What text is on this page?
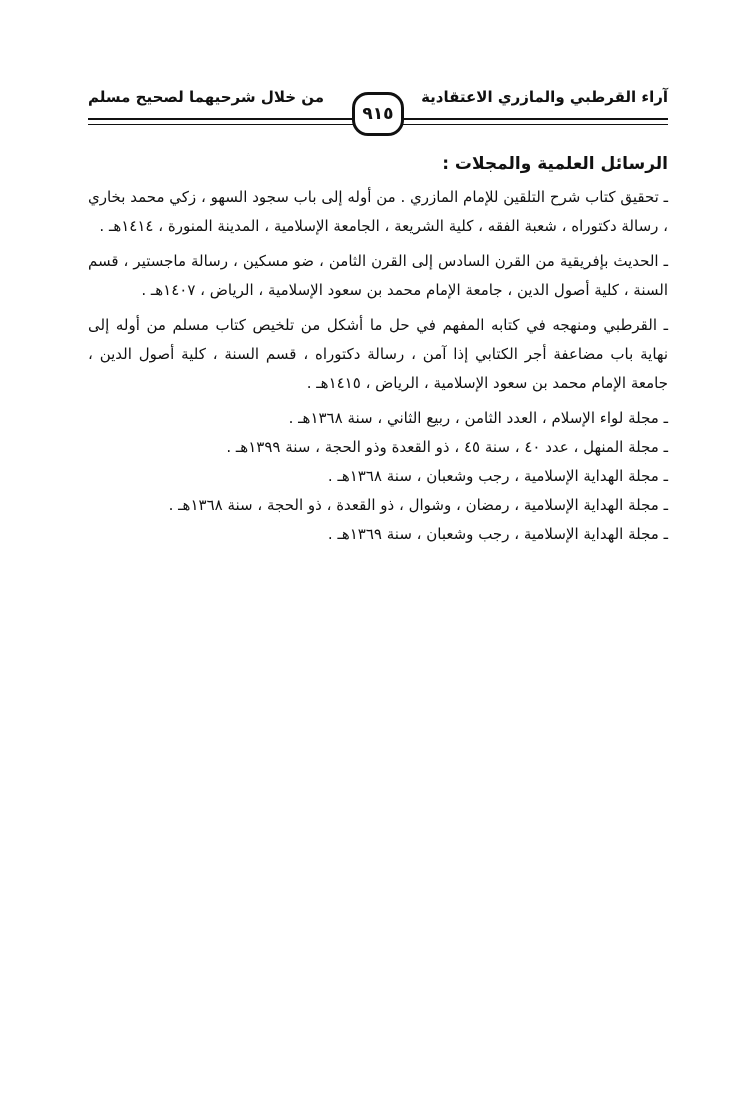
آراء القرطبي والمازري الاعتقادية
من خلال شرحيهما لصحيح مسلم
٩١٥
الرسائل العلمية والمجلات :
ـ تحقيق كتاب شرح التلقين للإمام المازري . من أوله إلى باب سجود السهو ، زكي محمد بخاري ، رسالة دكتوراه ، شعبة الفقه ، كلية الشريعة ، الجامعة الإسلامية ، المدينة المنورة ، ١٤١٤هـ .
ـ الحديث بإفريقية من القرن السادس إلى القرن الثامن ، ضو مسكين ، رسالة ماجستير ، قسم السنة ، كلية أصول الدين ، جامعة الإمام محمد بن سعود الإسلامية ، الرياض ، ١٤٠٧هـ .
ـ القرطبي ومنهجه في كتابه المفهم في حل ما أشكل من تلخيص كتاب مسلم من أوله إلى نهاية باب مضاعفة أجر الكتابي إذا آمن ، رسالة دكتوراه ، قسم السنة ، كلية أصول الدين ، جامعة الإمام محمد بن سعود الإسلامية ، الرياض ، ١٤١٥هـ .
ـ مجلة لواء الإسلام ، العدد الثامن ، ربيع الثاني ، سنة ١٣٦٨هـ .
ـ مجلة المنهل ، عدد ٤٠ ، سنة ٤٥ ، ذو القعدة وذو الحجة ، سنة ١٣٩٩هـ .
ـ مجلة الهداية الإسلامية ، رجب وشعبان ، سنة ١٣٦٨هـ .
ـ مجلة الهداية الإسلامية ، رمضان ، وشوال ، ذو القعدة ، ذو الحجة ، سنة ١٣٦٨هـ .
ـ مجلة الهداية الإسلامية ، رجب وشعبان ، سنة ١٣٦٩هـ .
